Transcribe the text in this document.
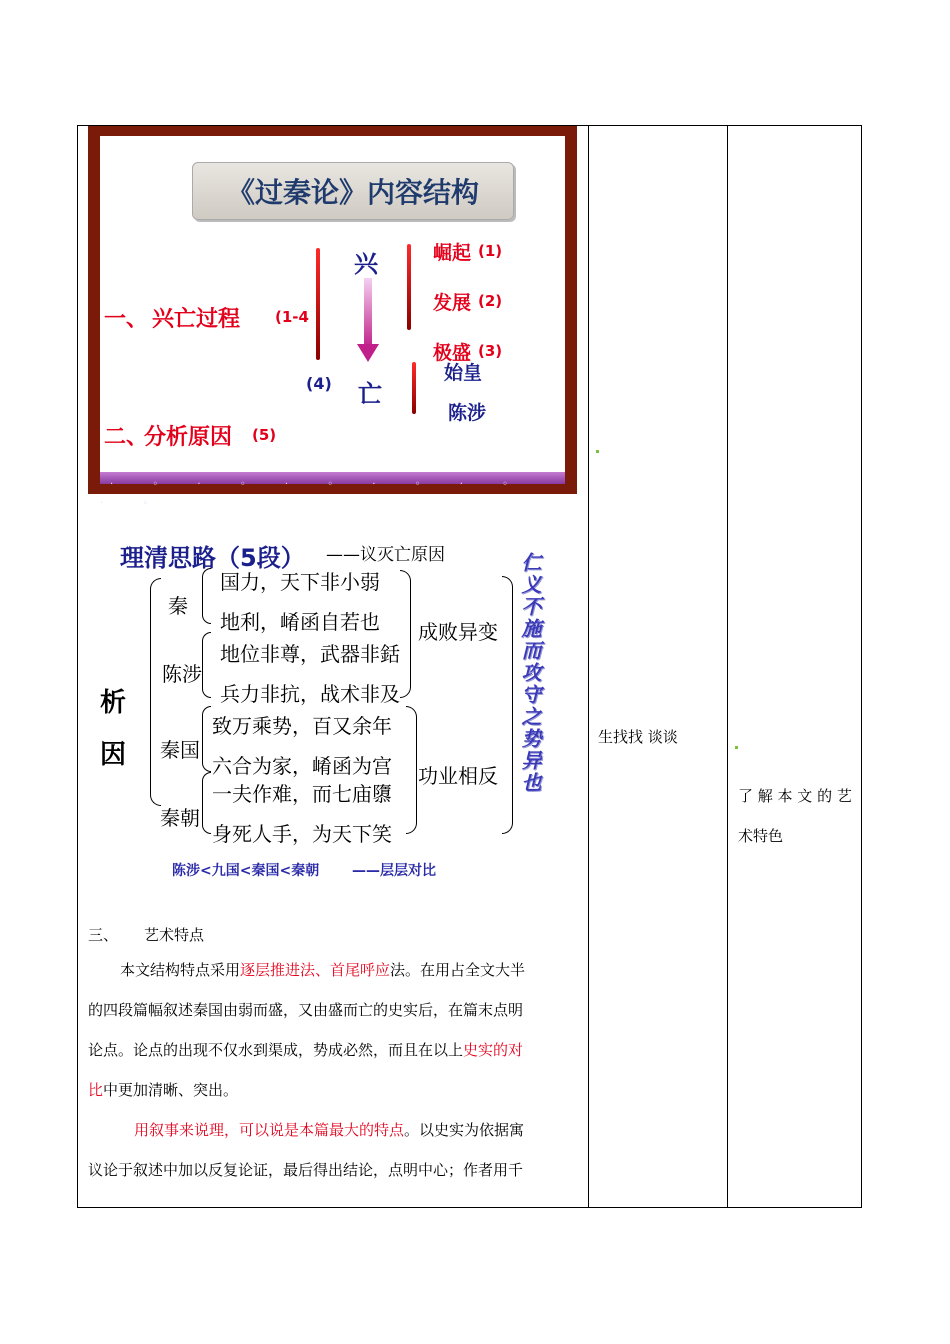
《过秦论》内容结构
一、 兴亡过程 (1-4
(4)
兴
亡
崛起 (1)
发展 (2)
极盛 (3)
始皇
陈涉
二、
分析原因 (5)
· ◦ · ◦ · ◦ · ◦ · ◦ · ◦
理清思路（5段） ——议灭亡原因
析
因
秦
国力，天下非小弱
地利，崤函自若也
陈涉
地位非尊，武器非銛
兵力非抗，战术非及
秦国
致万乘势，百又余年
六合为家，崤函为宫
秦朝
一夫作难，而七庙隳
身死人手，为天下笑
成败异变
功业相反 仁义不施而攻守之势异也
陈涉<九国<秦国<秦朝 ——层层对比
三、 艺术特点
本文结构特点采用逐层推进法、首尾呼应法。在用占全文大半
的四段篇幅叙述秦国由弱而盛，又由盛而亡的史实后，在篇末点明
论点。论点的出现不仅水到渠成，势成必然，而且在以上史实的对
比中更加清晰、突出。
用叙事来说理，可以说是本篇最大的特点。以史实为依据寓
议论于叙述中加以反复论证，最后得出结论，点明中心；作者用千
生找找 谈谈
了 解 本 文 的 艺
术特色
